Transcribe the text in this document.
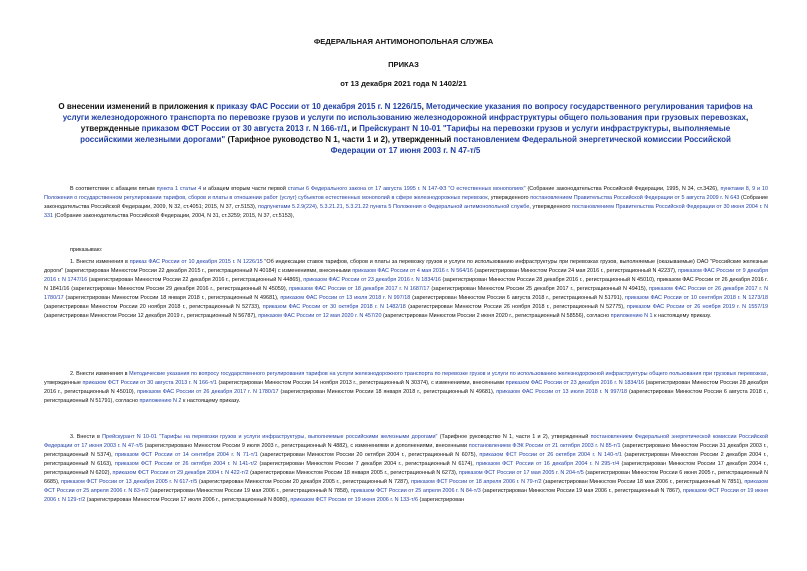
ФЕДЕРАЛЬНАЯ АНТИМОНОПОЛЬНАЯ СЛУЖБА
ПРИКАЗ
от 13 декабря 2021 года N 1402/21
О внесении изменений в приложения к приказу ФАС России от 10 декабря 2015 г. N 1226/15, Методические указания по вопросу государственного регулирования тарифов на услуги железнодорожного транспорта по перевозке грузов и услуги по использованию железнодорожной инфраструктуры общего пользования при грузовых перевозках, утвержденные приказом ФСТ России от 30 августа 2013 г. N 166-т/1, и Прейскурант N 10-01 "Тарифы на перевозки грузов и услуги инфраструктуры, выполняемые российскими железными дорогами" (Тарифное руководство N 1, части 1 и 2), утвержденный постановлением Федеральной энергетической комиссии Российской Федерации от 17 июня 2003 г. N 47-т/5

В соответствии с абзацем пятым пункта 1 статьи 4 и абзацем вторым части первой статьи 6 Федерального закона от 17 августа 1995 г. N 147-ФЗ "О естественных монополиях" (Собрание законодательства Российской Федерации, 1995, N 34, ст.3426), пунктами 8, 9 и 10 Положения о государственном регулировании тарифов, сборов и платы в отношении работ (услуг) субъектов естественных монополий в сфере железнодорожных перевозок, утвержденного постановлением Правительства Российской Федерации от 5 августа 2009 г. N 643 (Собрание законодательства Российской Федерации, 2009, N 32, ст.4051; 2015, N 37, ст.5153), подпунктами 5.2.9(224), 5.3.21.21, 5.3.21.22 пункта 5 Положения о Федеральной антимонопольной службе, утвержденного постановлением Правительства Российской Федерации от 30 июня 2004 г. N 331 (Собрание законодательства Российской Федерации, 2004, N 31, ст.3259; 2015, N 37, ст.5153),

приказываю:

1. Внести изменения в приказ ФАС России от 10 декабря 2015 г. N 1226/15 "Об индексации ставок тарифов, сборов и платы за перевозку грузов и услуги по использованию инфраструктуры при перевозках грузов, выполняемые (оказываемые) ОАО "Российские железные дороги" (зарегистрирован Минюстом России 22 декабря 2015 г., регистрационный N 40184) с изменениями, внесенными приказом ФАС России от 4 мая 2016 г. N 564/16 (зарегистрирован Минюстом России 24 мая 2016 г., регистрационный N 42237), приказом ФАС России от 9 декабря 2016 г. N 1747/16 (зарегистрирован Минюстом России 22 декабря 2016 г., регистрационный N 44865), приказом ФАС России от 23 декабря 2016 г. N 1834/16 (зарегистрирован Минюстом России 28 декабря 2016 г., регистрационный N 45010), приказом ФАС России от 26 декабря 2016 г. N 1841/16 (зарегистрирован Минюстом России 29 декабря 2016 г., регистрационный N 45059), приказом ФАС России от 18 декабря 2017 г. N 1687/17 (зарегистрирован Минюстом России 25 декабря 2017 г., регистрационный N 49415), приказом ФАС России от 26 декабря 2017 г. N 1780/17 (зарегистрирован Минюстом России 18 января 2018 г., регистрационный N 49681), приказом ФАС России от 13 июля 2018 г. N 997/18 (зарегистрирован Минюстом России 6 августа 2018 г., регистрационный N 51791), приказом ФАС России от 10 сентября 2018 г. N 1273/18 (зарегистрирован Минюстом России 20 ноября 2018 г., регистрационный N 52733), приказом ФАС России от 30 октября 2018 г. N 1482/18 (зарегистрирован Минюстом России 26 ноября 2018 г., регистрационный N 52775), приказом ФАС России от 26 ноября 2019 г. N 1557/19 (зарегистрирован Минюстом России 12 декабря 2019 г., регистрационный N 56787), приказом ФАС России от 12 мая 2020 г. N 457/20 (зарегистрирован Минюстом России 2 июня 2020 г., регистрационный N 58556), согласно приложению N 1 к настоящему приказу.

2. Внести изменения в Методические указания по вопросу государственного регулирования тарифов на услуги железнодорожного транспорта по перевозке грузов и услуги по использованию железнодорожной инфраструктуры общего пользования при грузовых перевозках, утвержденные приказом ФСТ России от 30 августа 2013 г. N 166-т/1 (зарегистрирован Минюстом России 14 ноября 2013 г., регистрационный N 30374), с изменениями, внесенными приказом ФАС России от 23 декабря 2016 г. N 1834/16 (зарегистрирован Минюстом России 28 декабря 2016 г., регистрационный N 45010), приказом ФАС России от 26 декабря 2017 г. N 1780/17 (зарегистрирован Минюстом России 18 января 2018 г., регистрационный N 49681), приказом ФАС России от 13 июля 2018 г. N 997/18 (зарегистрирован Минюстом России 6 августа 2018 г., регистрационный N 51791), согласно приложению N 2 к настоящему приказу.

3. Внести в Прейскурант N 10-01 "Тарифы на перевозки грузов и услуги инфраструктуры, выполняемые российскими железными дорогами" (Тарифное руководство N 1, части 1 и 2), утвержденный постановлением Федеральной энергетической комиссии Российской Федерации от 17 июня 2003 г. N 47-т/5 (зарегистрировано Минюстом России 9 июля 2003 г., регистрационный N 4882), с изменениями и дополнениями, внесенными постановлением ФЭК России от 21 октября 2003 г. N 85-т/1 (зарегистрировано Минюстом России 31 декабря 2003 г., регистрационный N 5374), приказом ФСТ России от 14 сентября 2004 г. N 71-т/1 (зарегистрирован Минюстом России 20 октября 2004 г., регистрационный N 6075), приказом ФСТ России от 26 октября 2004 г. N 140-т/1 (зарегистрирован Минюстом России 2 декабря 2004 г., регистрационный N 6163), приказом ФСТ России от 26 октября 2004 г. N 141-т/2 (зарегистрирован Минюстом России 7 декабря 2004 г., регистрационный N 6174), приказом ФСТ России от 16 декабря 2004 г. N 295-т/4 (зарегистрирован Минюстом России 17 декабря 2004 г., регистрационный N 6202), приказом ФСТ России от 29 декабря 2004 г. N 422-т/2 (зарегистрирован Минюстом России 18 января 2005 г., регистрационный N 6273), приказом ФСТ России от 17 мая 2005 г. N 204-т/5 (зарегистрирован Минюстом России 6 июня 2005 г., регистрационный N 6685), приказом ФСТ России от 13 декабря 2005 г. N 617-т/5 (зарегистрирован Минюстом России 20 декабря 2005 г., регистрационный N 7287), приказом ФСТ России от 18 апреля 2006 г. N 79-т/2 (зарегистрирован Минюстом России 18 мая 2006 г., регистрационный N 7851), приказом ФСТ России от 25 апреля 2006 г. N 83-т/2 (зарегистрирован Минюстом России 19 мая 2006 г., регистрационный N 7858), приказом ФСТ России от 25 апреля 2006 г. N 84-т/3 (зарегистрирован Минюстом России 19 мая 2006 г., регистрационный N 7867), приказом ФСТ России от 19 июня 2006 г. N 129-т/2 (зарегистрирован Минюстом России 17 июля 2006 г., регистрационный N 8080), приказом ФСТ России от 19 июня 2006 г. N 133-т/6 (зарегистрирован
